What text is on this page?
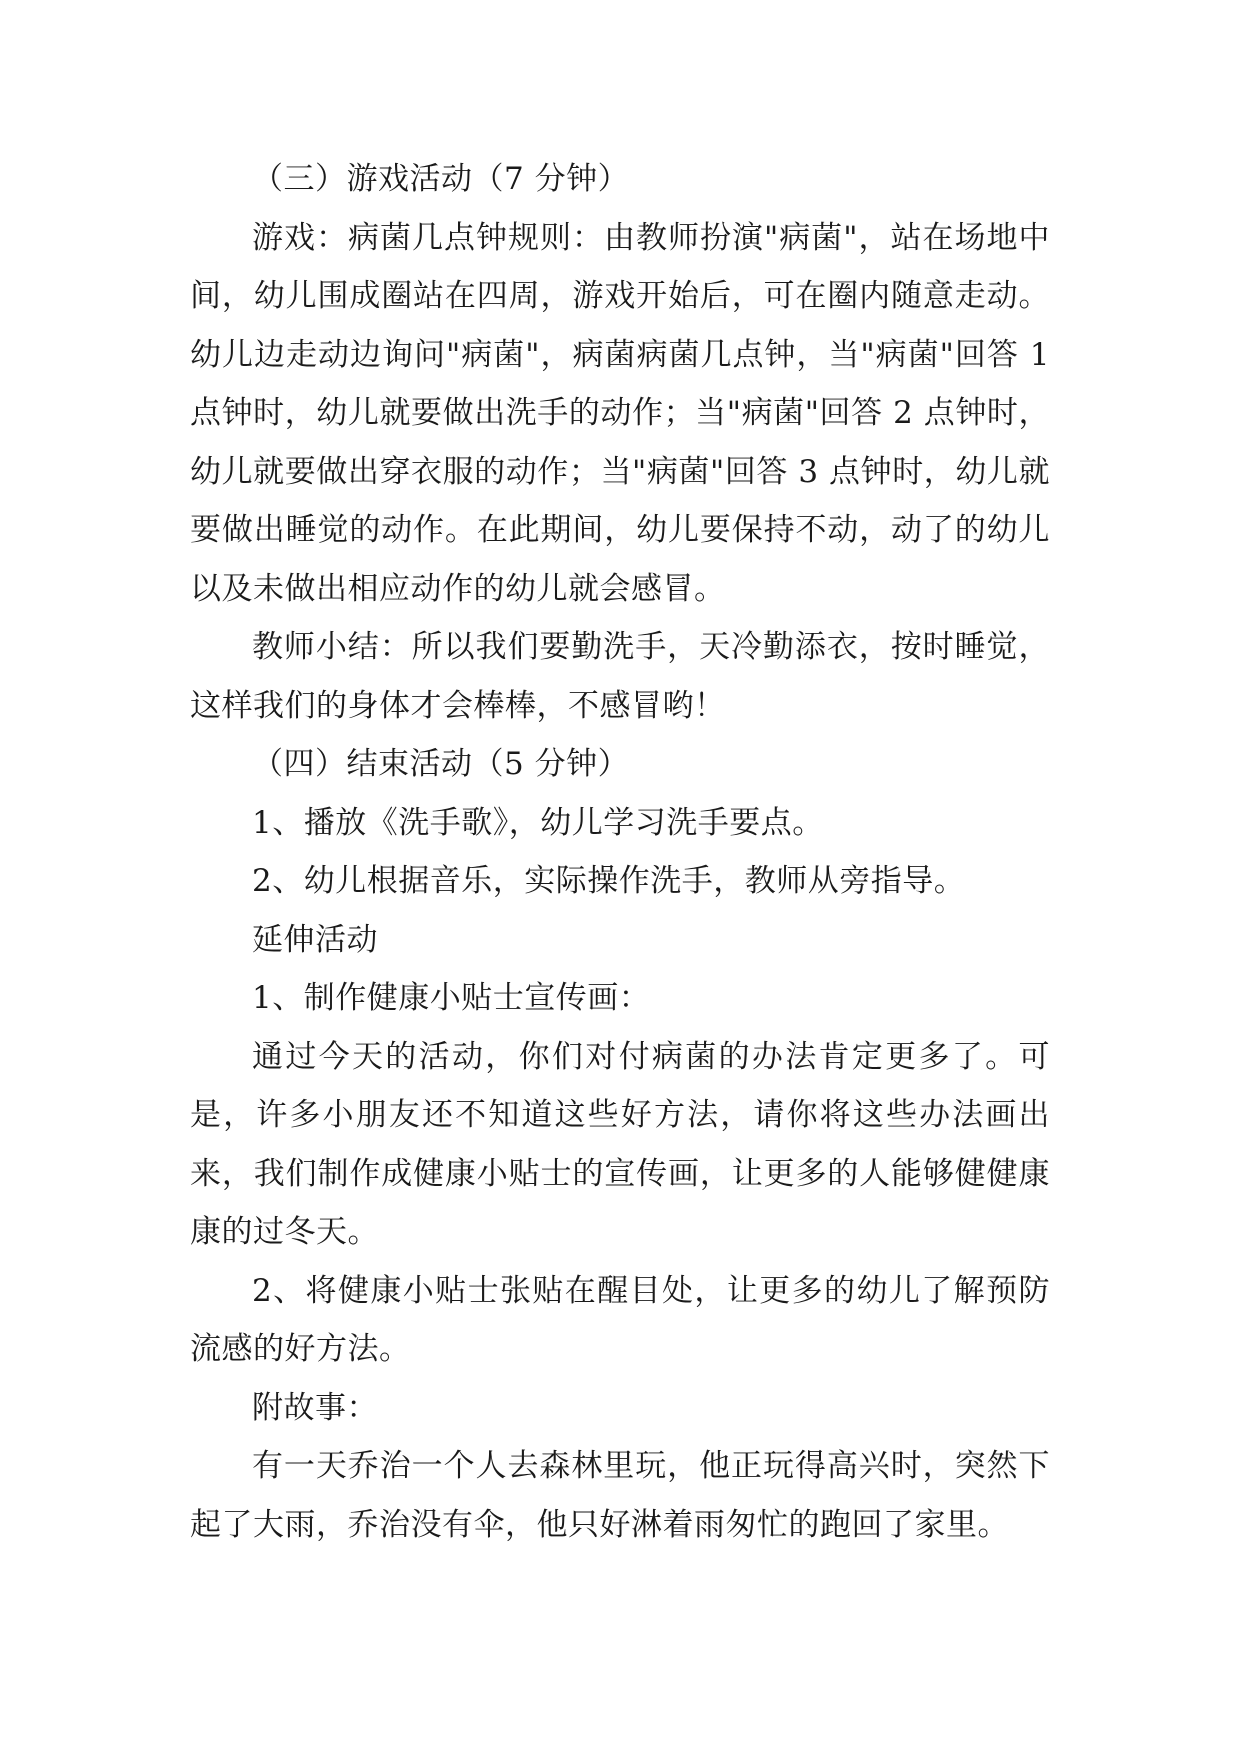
（三）游戏活动（7 分钟）

游戏：病菌几点钟规则：由教师扮演"病菌"，站在场地中间，幼儿围成圈站在四周，游戏开始后，可在圈内随意走动。幼儿边走动边询问"病菌"，病菌病菌几点钟，当"病菌"回答 1 点钟时，幼儿就要做出洗手的动作；当"病菌"回答 2 点钟时，幼儿就要做出穿衣服的动作；当"病菌"回答 3 点钟时，幼儿就要做出睡觉的动作。在此期间，幼儿要保持不动，动了的幼儿以及未做出相应动作的幼儿就会感冒。

教师小结：所以我们要勤洗手，天冷勤添衣，按时睡觉，这样我们的身体才会棒棒，不感冒哟！

（四）结束活动（5 分钟）

1、播放《洗手歌》，幼儿学习洗手要点。

2、幼儿根据音乐，实际操作洗手，教师从旁指导。

延伸活动

1、制作健康小贴士宣传画：

通过今天的活动，你们对付病菌的办法肯定更多了。可是，许多小朋友还不知道这些好方法，请你将这些办法画出来，我们制作成健康小贴士的宣传画，让更多的人能够健健康康的过冬天。

2、将健康小贴士张贴在醒目处，让更多的幼儿了解预防流感的好方法。

附故事：

有一天乔治一个人去森林里玩，他正玩得高兴时，突然下起了大雨，乔治没有伞，他只好淋着雨匆忙的跑回了家里。
